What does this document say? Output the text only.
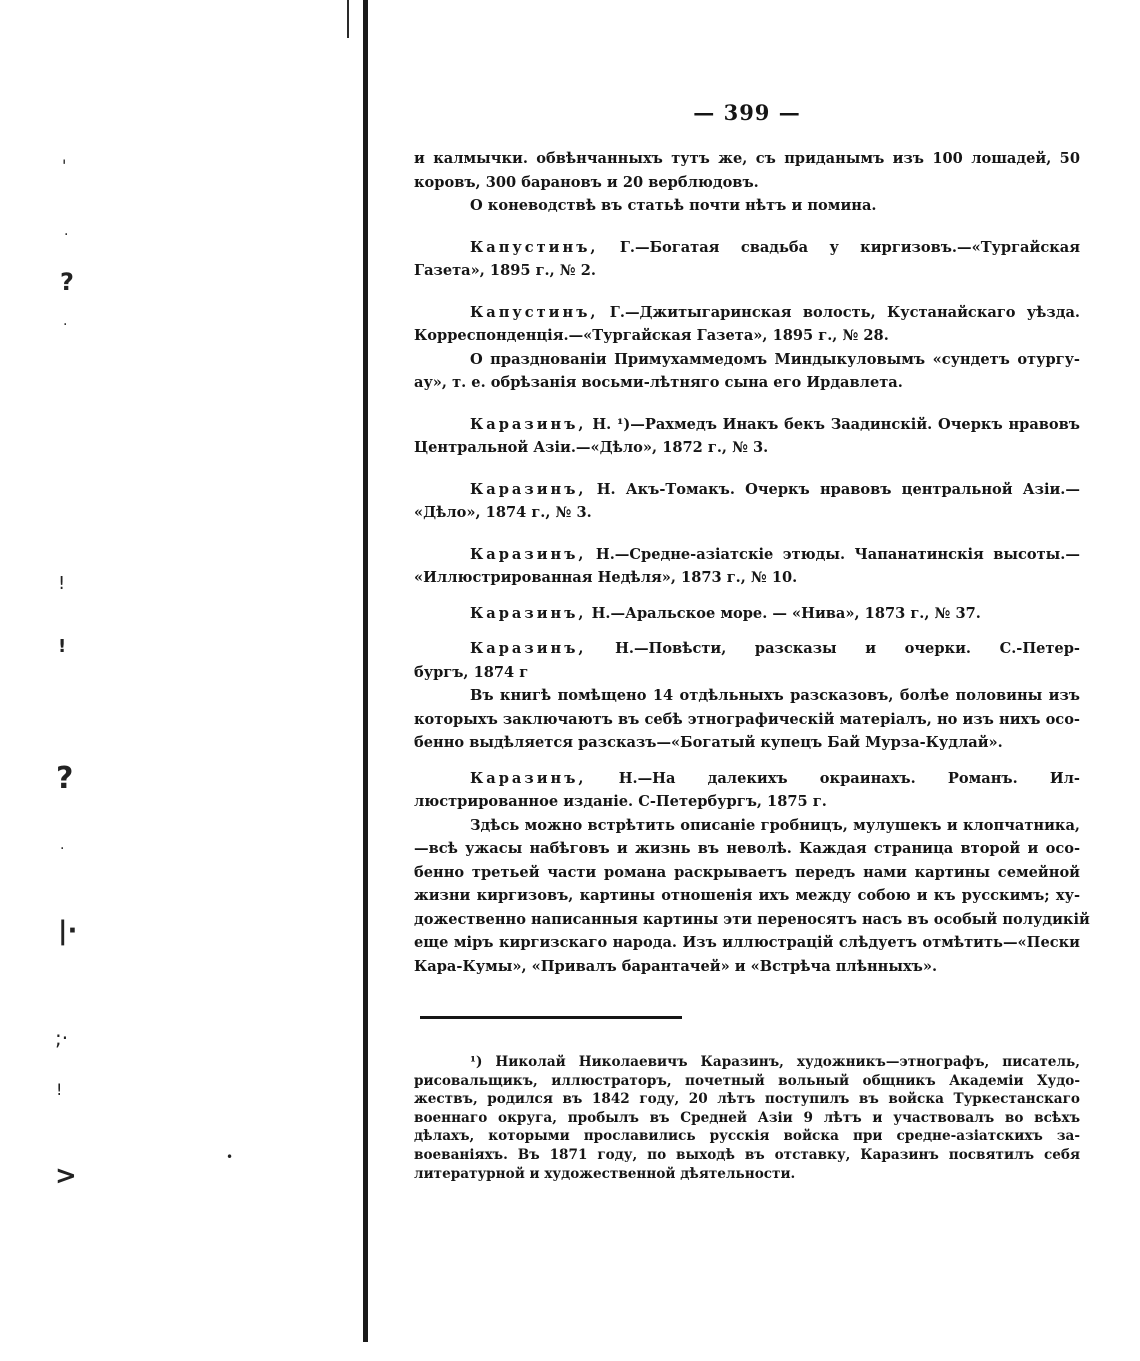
'
·
?
·
!
!
?
·
|·
;·
!
>
•
— 399 —
и калмычки. обвѣнчанныхъ тутъ же, съ приданымъ изъ 100 лошадей, 50
коровъ, 300 барановъ и 20 верблюдовъ.
О коневодствѣ въ статьѣ почти нѣтъ и помина.
Капустинъ, Г.—Богатая свадьба у киргизовъ.—«Тургайская
Газета», 1895 г., № 2.
Капустинъ, Г.—Джитыгаринская волость, Кустанайскаго уѣзда.
Корреспонденція.—«Тургайская Газета», 1895 г., № 28.
О празднованіи Примухаммедомъ Миндыкуловымъ «сундетъ отургу-
ау», т. е. обрѣзанія восьми-лѣтняго сына его Ирдавлета.
Каразинъ, Н. ¹)—Рахмедъ Инакъ бекъ Заадинскій. Очеркъ нравовъ
Центральной Азіи.—«Дѣло», 1872 г., № 3.
Каразинъ, Н. Акъ-Томакъ. Очеркъ нравовъ центральной Азіи.—
«Дѣло», 1874 г., № 3.
Каразинъ, Н.—Средне-азіатскіе этюды. Чапанатинскія высоты.—
«Иллюстрированная Недѣля», 1873 г., № 10.
Каразинъ, Н.—Аральское море. — «Нива», 1873 г., № 37.
Каразинъ, Н.—Повѣсти, разсказы и очерки. С.-Петер-
бургъ, 1874 г
Въ книгѣ помѣщено 14 отдѣльныхъ разсказовъ, болѣе половины изъ
которыхъ заключаютъ въ себѣ этнографическій матеріалъ, но изъ нихъ осо-
бенно выдѣляется разсказъ—«Богатый купецъ Бай Мурза-Кудлай».
Каразинъ, Н.—На далекихъ окраинахъ. Романъ. Ил-
люстрированное изданіе. С-Петербургъ, 1875 г.
Здѣсь можно встрѣтить описаніе гробницъ, мулушекъ и клопчатника,
—всѣ ужасы набѣговъ и жизнь въ неволѣ. Каждая страница второй и осо-
бенно третьей части романа раскрываетъ передъ нами картины семейной
жизни киргизовъ, картины отношенія ихъ между собою и къ русскимъ; ху-
дожественно написанныя картины эти переносятъ насъ въ особый полудикій
еще міръ киргизскаго народа. Изъ иллюстрацій слѣдуетъ отмѣтить—«Пески
Кара-Кумы», «Привалъ барантачей» и «Встрѣча плѣнныхъ».
¹) Николай Николаевичъ Каразинъ, художникъ—этнографъ, писатель,
рисовальщикъ, иллюстраторъ, почетный вольный общникъ Академіи Худо-
жествъ, родился въ 1842 году, 20 лѣтъ поступилъ въ войска Туркестанскаго
военнаго округа, пробылъ въ Средней Азіи 9 лѣтъ и участвовалъ во всѣхъ
дѣлахъ, которыми прославились русскія войска при средне-азіатскихъ за-
воеваніяхъ. Въ 1871 году, по выходѣ въ отставку, Каразинъ посвятилъ себя
литературной и художественной дѣятельности.
